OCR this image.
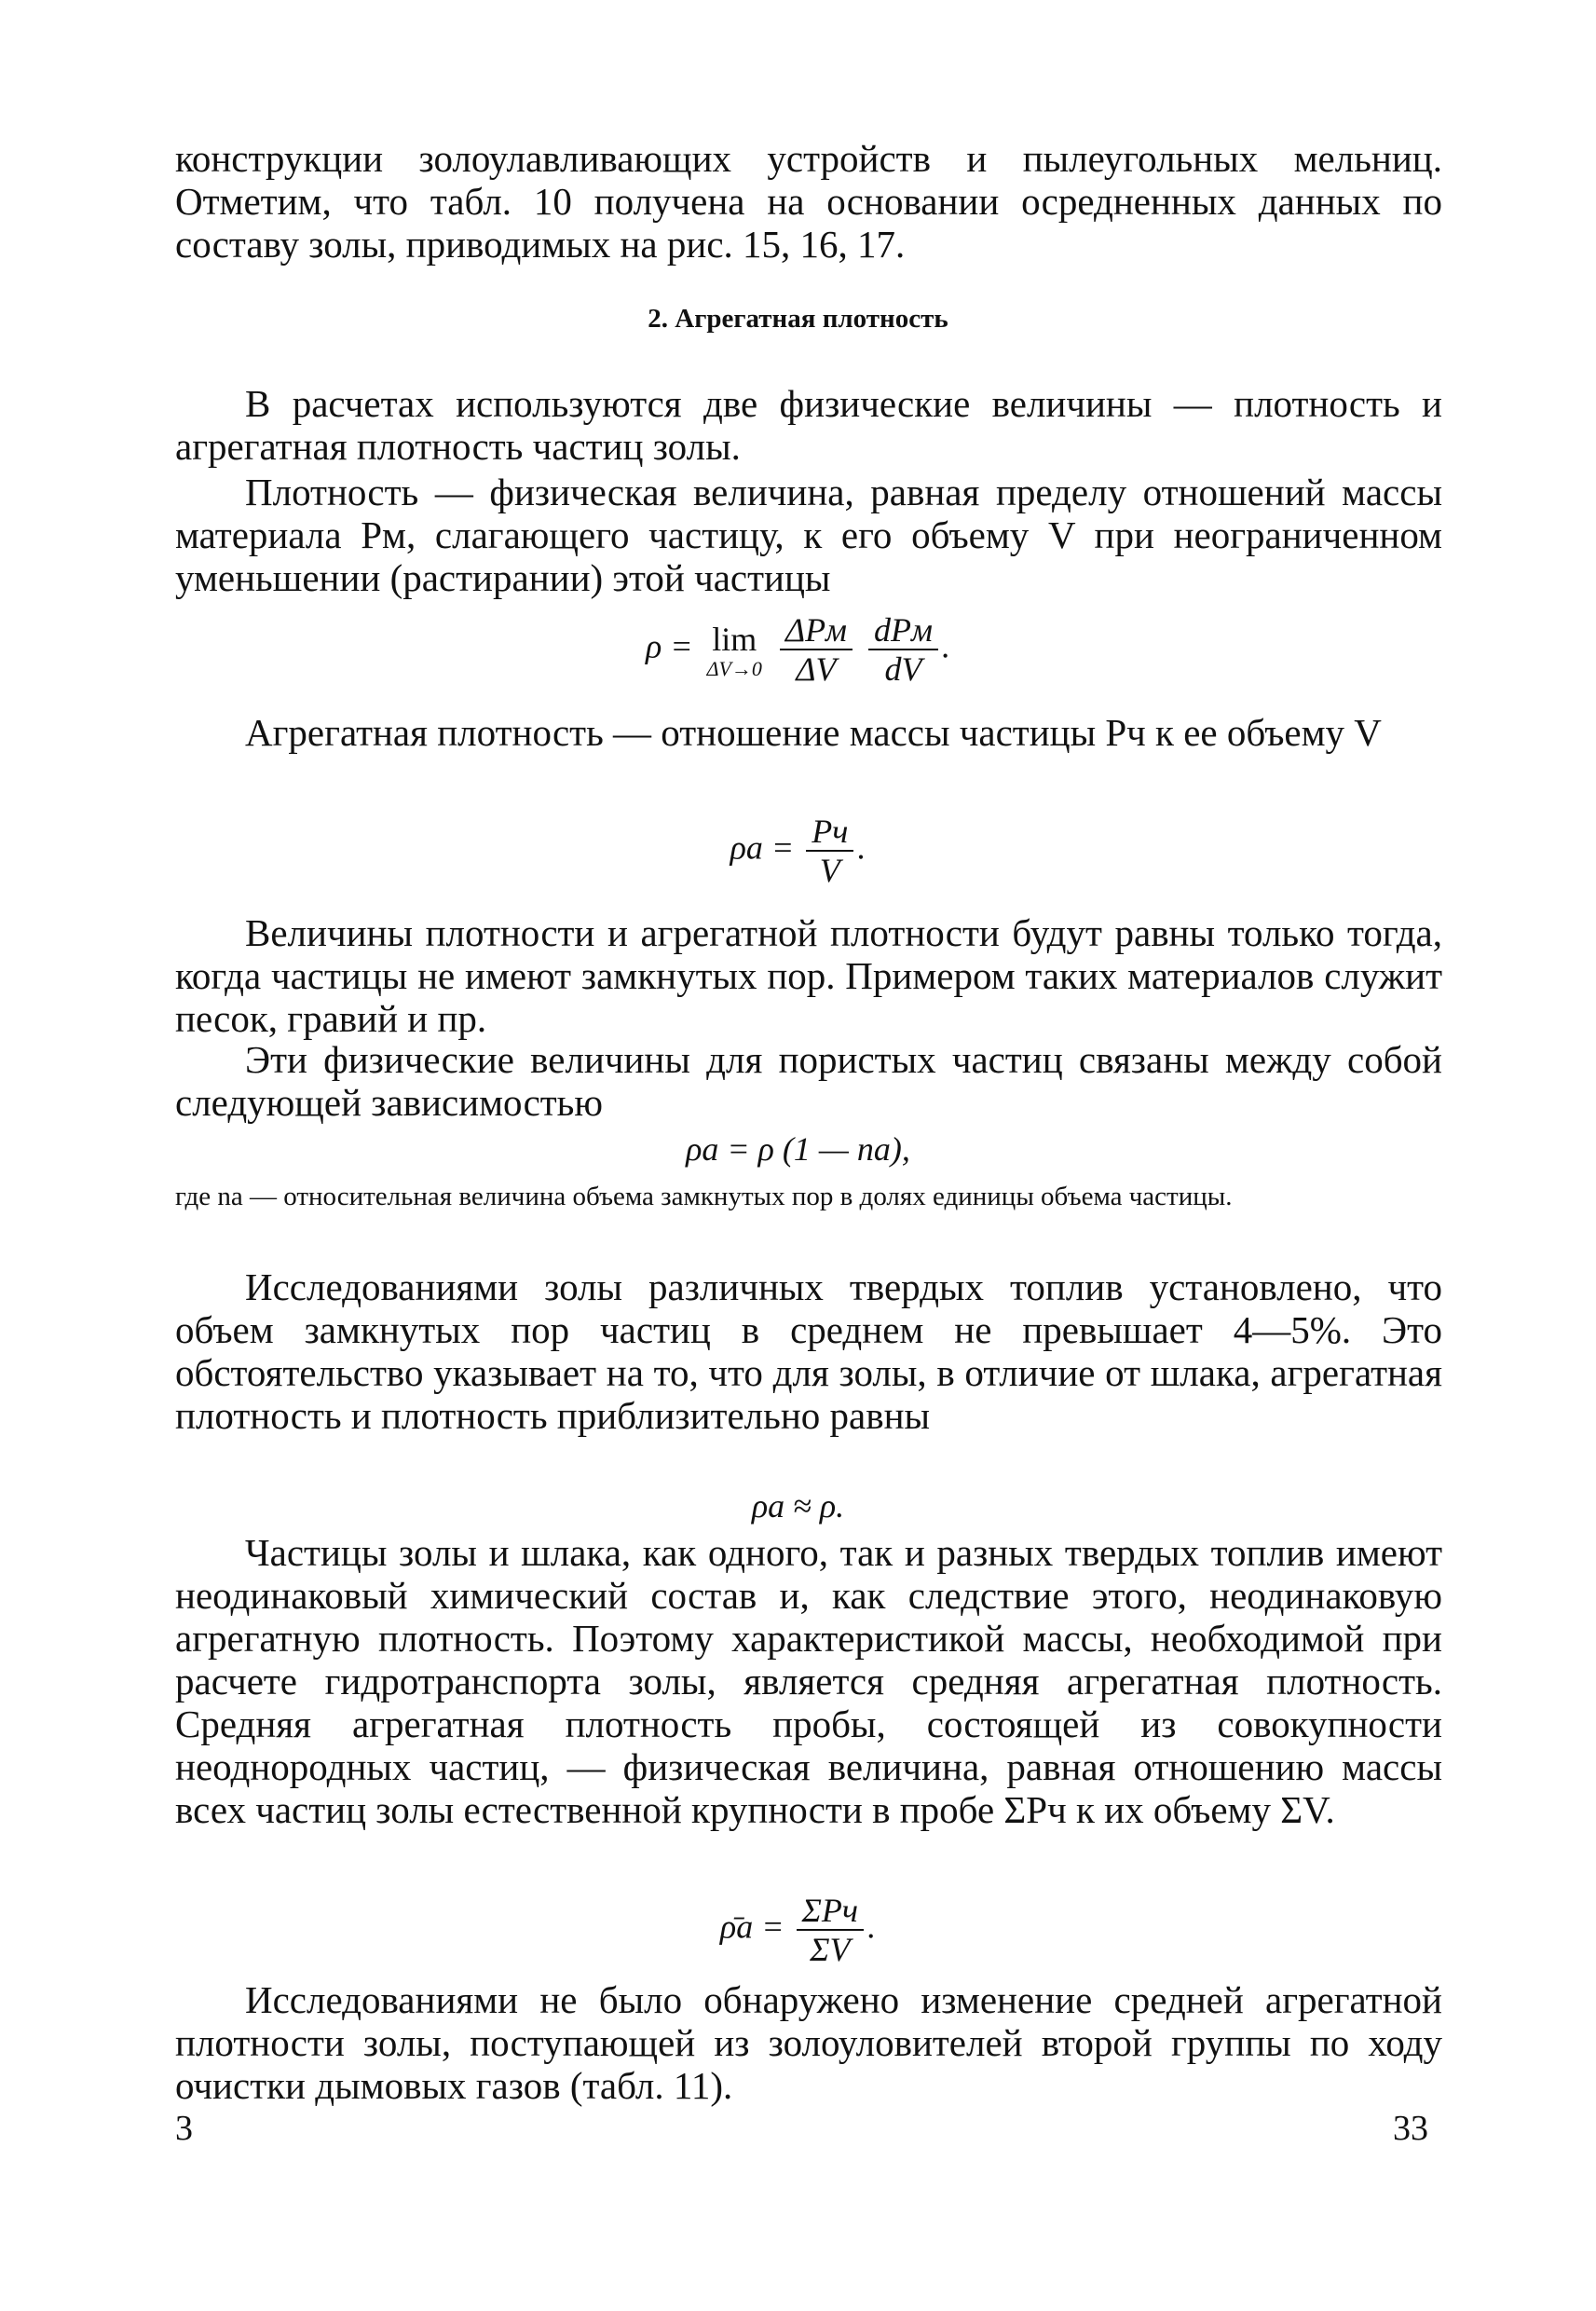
конструкции золоулавливающих устройств и пылеугольных мельниц. Отметим, что табл. 10 получена на основании осредненных данных по составу золы, приводимых на рис. 15, 16, 17.

2. Агрегатная плотность

В расчетах используются две физические величины — плотность и агрегатная плотность частиц золы.

Плотность — физическая величина, равная пределу отношений массы материала Pм, слагающего частицу, к его объему V при неограниченном уменьшении (растирании) этой частицы

ρ = lim
ΔV→0
$\frac{\text{ΔPм}}{\Delta V}$
$\frac{\text{dPм}}{dV}$ .

Агрегатная плотность — отношение массы частицы Pч к ее объему V

$\rho а = \frac{Pч}{V}$ .

Величины плотности и агрегатной плотности будут равны только тогда, когда частицы не имеют замкнутых пор. Примером таких материалов служит песок, гравий и пр.

Эти физические величины для пористых частиц связаны между собой следующей зависимостью

ρа = ρ (1 — nа),

где nа — относительная величина объема замкнутых пор в долях единицы объема частицы.

Исследованиями золы различных твердых топлив установлено, что объем замкнутых пор частиц в среднем не превышает 4—5%. Это обстоятельство указывает на то, что для золы, в отличие от шлака, агрегатная плотность и плотность приблизительно равны

ρа ≈ ρ.

Частицы золы и шлака, как одного, так и разных твердых топлив имеют неодинаковый химический состав и, как следствие этого, неодинаковую агрегатную плотность. Поэтому характеристикой массы, необходимой при расчете гидротранспорта золы, является средняя агрегатная плотность. Средняя агрегатная плотность пробы, состоящей из совокупности неоднородных частиц, — физическая величина, равная отношению массы всех частиц золы естественной крупности в пробе ΣPч к их объему ΣV.

ρ̄а = $\frac{\text{ΣPч}}{\Sigma V}$ .

Исследованиями не было обнаружено изменение средней агрегатной плотности золы, поступающей из золоуловителей второй группы по ходу очистки дымовых газов (табл. 11).

3	33
